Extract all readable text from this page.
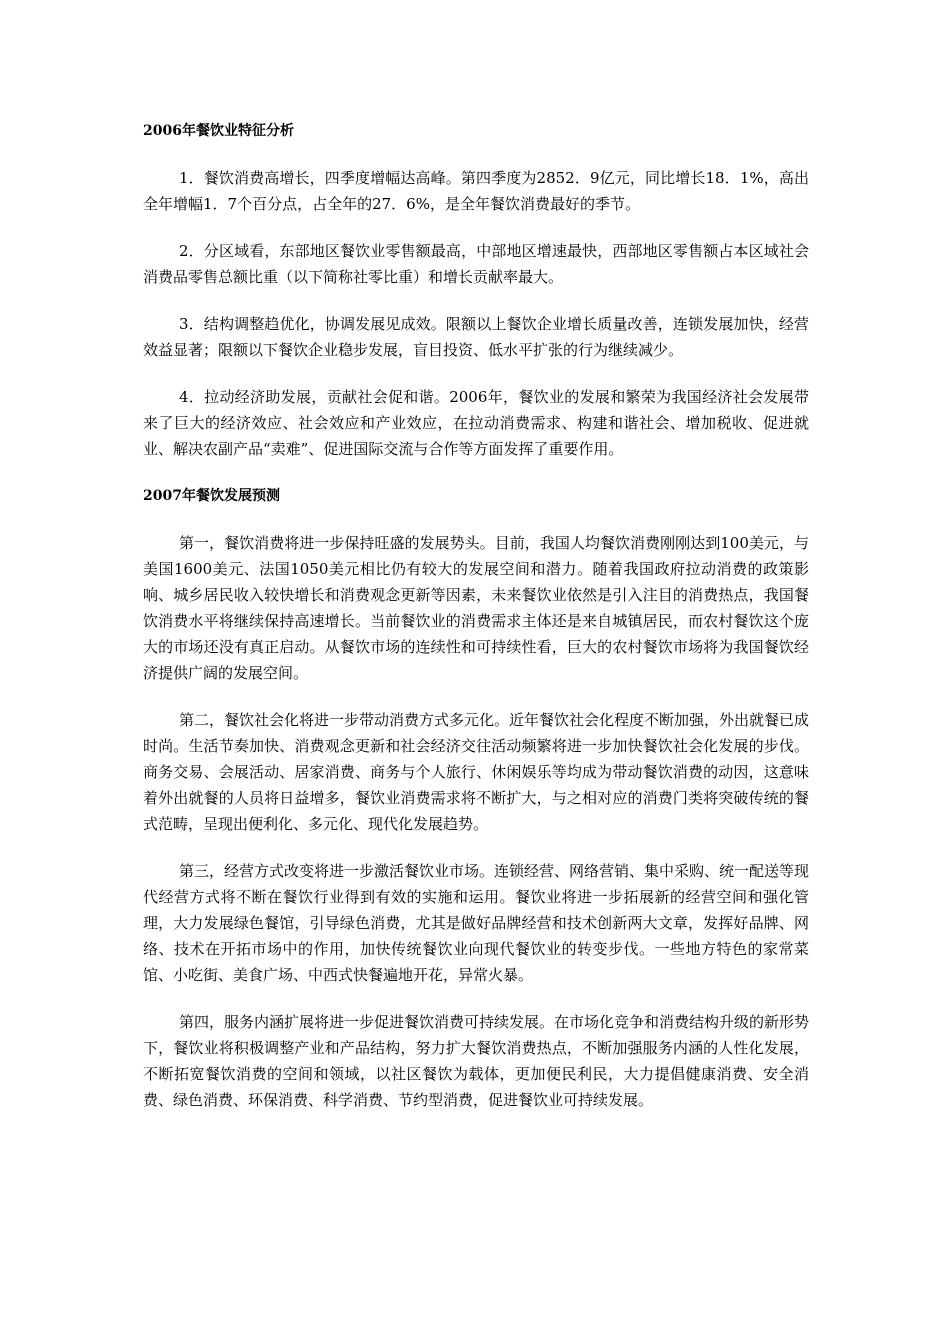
2006年餐饮业特征分析

1．餐饮消费高增长，四季度增幅达高峰。第四季度为2852．9亿元，同比增长18．1%，高出全年增幅1．7个百分点，占全年的27．6%，是全年餐饮消费最好的季节。

2．分区域看，东部地区餐饮业零售额最高，中部地区增速最快，西部地区零售额占本区域社会消费品零售总额比重（以下简称社零比重）和增长贡献率最大。

3．结构调整趋优化，协调发展见成效。限额以上餐饮企业增长质量改善，连锁发展加快，经营效益显著；限额以下餐饮企业稳步发展，盲目投资、低水平扩张的行为继续减少。

4．拉动经济助发展，贡献社会促和谐。2006年，餐饮业的发展和繁荣为我国经济社会发展带来了巨大的经济效应、社会效应和产业效应，在拉动消费需求、构建和谐社会、增加税收、促进就业、解决农副产品“卖难”、促进国际交流与合作等方面发挥了重要作用。

2007年餐饮发展预测

第一，餐饮消费将进一步保持旺盛的发展势头。目前，我国人均餐饮消费刚刚达到100美元，与美国1600美元、法国1050美元相比仍有较大的发展空间和潜力。随着我国政府拉动消费的政策影响、城乡居民收入较快增长和消费观念更新等因素，未来餐饮业依然是引入注目的消费热点，我国餐饮消费水平将继续保持高速增长。当前餐饮业的消费需求主体还是来自城镇居民，而农村餐饮这个庞大的市场还没有真正启动。从餐饮市场的连续性和可持续性看，巨大的农村餐饮市场将为我国餐饮经济提供广阔的发展空间。

第二，餐饮社会化将进一步带动消费方式多元化。近年餐饮社会化程度不断加强，外出就餐已成时尚。生活节奏加快、消费观念更新和社会经济交往活动频繁将进一步加快餐饮社会化发展的步伐。商务交易、会展活动、居家消费、商务与个人旅行、休闲娱乐等均成为带动餐饮消费的动因，这意味着外出就餐的人员将日益增多，餐饮业消费需求将不断扩大，与之相对应的消费门类将突破传统的餐式范畴，呈现出便利化、多元化、现代化发展趋势。

第三，经营方式改变将进一步激活餐饮业市场。连锁经营、网络营销、集中采购、统一配送等现代经营方式将不断在餐饮行业得到有效的实施和运用。餐饮业将进一步拓展新的经营空间和强化管理，大力发展绿色餐馆，引导绿色消费，尤其是做好品牌经营和技术创新两大文章，发挥好品牌、网络、技术在开拓市场中的作用，加快传统餐饮业向现代餐饮业的转变步伐。一些地方特色的家常菜馆、小吃街、美食广场、中西式快餐遍地开花，异常火暴。

第四，服务内涵扩展将进一步促进餐饮消费可持续发展。在市场化竞争和消费结构升级的新形势下，餐饮业将积极调整产业和产品结构，努力扩大餐饮消费热点，不断加强服务内涵的人性化发展，不断拓宽餐饮消费的空间和领域，以社区餐饮为载体，更加便民利民，大力提倡健康消费、安全消费、绿色消费、环保消费、科学消费、节约型消费，促进餐饮业可持续发展。
